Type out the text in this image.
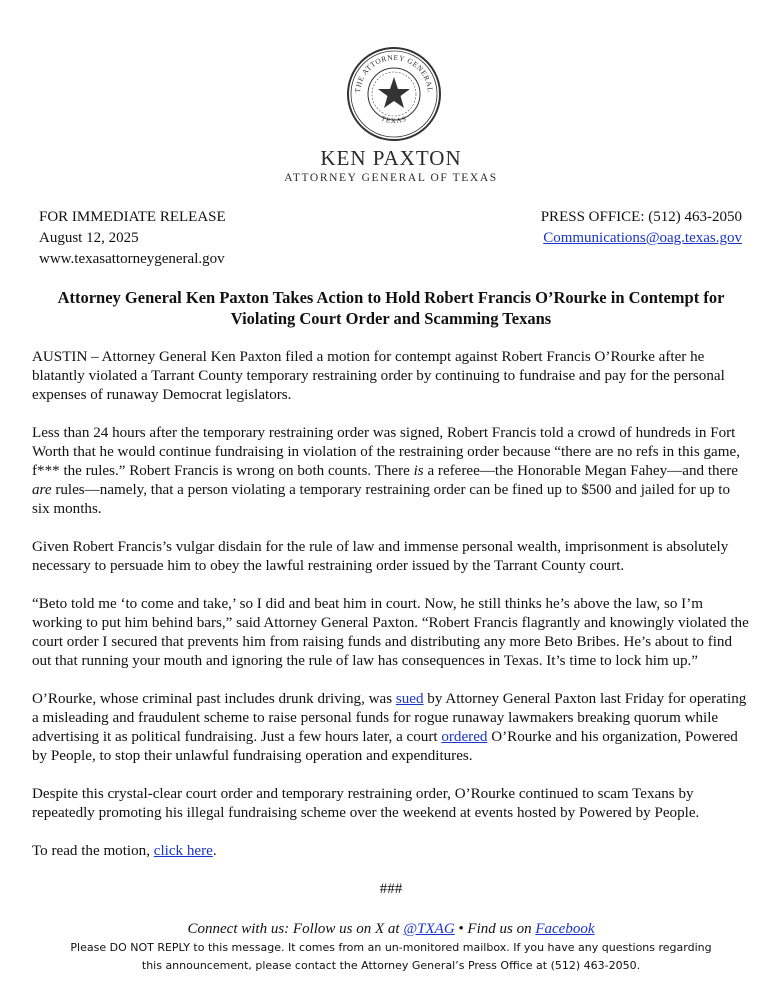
THE ATTORNEY GENERAL
TEXAS
KEN PAXTON
ATTORNEY GENERAL OF TEXAS
FOR IMMEDIATE RELEASE
August 12, 2025
www.texasattorneygeneral.gov
PRESS OFFICE: (512) 463-2050
Communications@oag.texas.gov
Attorney General Ken Paxton Takes Action to Hold Robert Francis O’Rourke in Contempt for Violating Court Order and Scamming Texans

AUSTIN – Attorney General Ken Paxton filed a motion for contempt against Robert Francis O’Rourke after he blatantly violated a Tarrant County temporary restraining order by continuing to fundraise and pay for the personal expenses of runaway Democrat legislators.

Less than 24 hours after the temporary restraining order was signed, Robert Francis told a crowd of hundreds in Fort Worth that he would continue fundraising in violation of the restraining order because “there are no refs in this game, f*** the rules.” Robert Francis is wrong on both counts. There is a referee—the Honorable Megan Fahey—and there are rules—namely, that a person violating a temporary restraining order can be fined up to $500 and jailed for up to six months.

Given Robert Francis’s vulgar disdain for the rule of law and immense personal wealth, imprisonment is absolutely necessary to persuade him to obey the lawful restraining order issued by the Tarrant County court.

“Beto told me ‘to come and take,’ so I did and beat him in court. Now, he still thinks he’s above the law, so I’m working to put him behind bars,” said Attorney General Paxton. “Robert Francis flagrantly and knowingly violated the court order I secured that prevents him from raising funds and distributing any more Beto Bribes. He’s about to find out that running your mouth and ignoring the rule of law has consequences in Texas. It’s time to lock him up.”

O’Rourke, whose criminal past includes drunk driving, was sued by Attorney General Paxton last Friday for operating a misleading and fraudulent scheme to raise personal funds for rogue runaway lawmakers breaking quorum while advertising it as political fundraising. Just a few hours later, a court ordered O’Rourke and his organization, Powered by People, to stop their unlawful fundraising operation and expenditures.

Despite this crystal-clear court order and temporary restraining order, O’Rourke continued to scam Texans by repeatedly promoting his illegal fundraising scheme over the weekend at events hosted by Powered by People.

To read the motion, click here.

###

Connect with us: Follow us on X at @TXAG • Find us on Facebook
Please DO NOT REPLY to this message. It comes from an un-monitored mailbox. If you have any questions regarding this announcement, please contact the Attorney General’s Press Office at (512) 463-2050.
